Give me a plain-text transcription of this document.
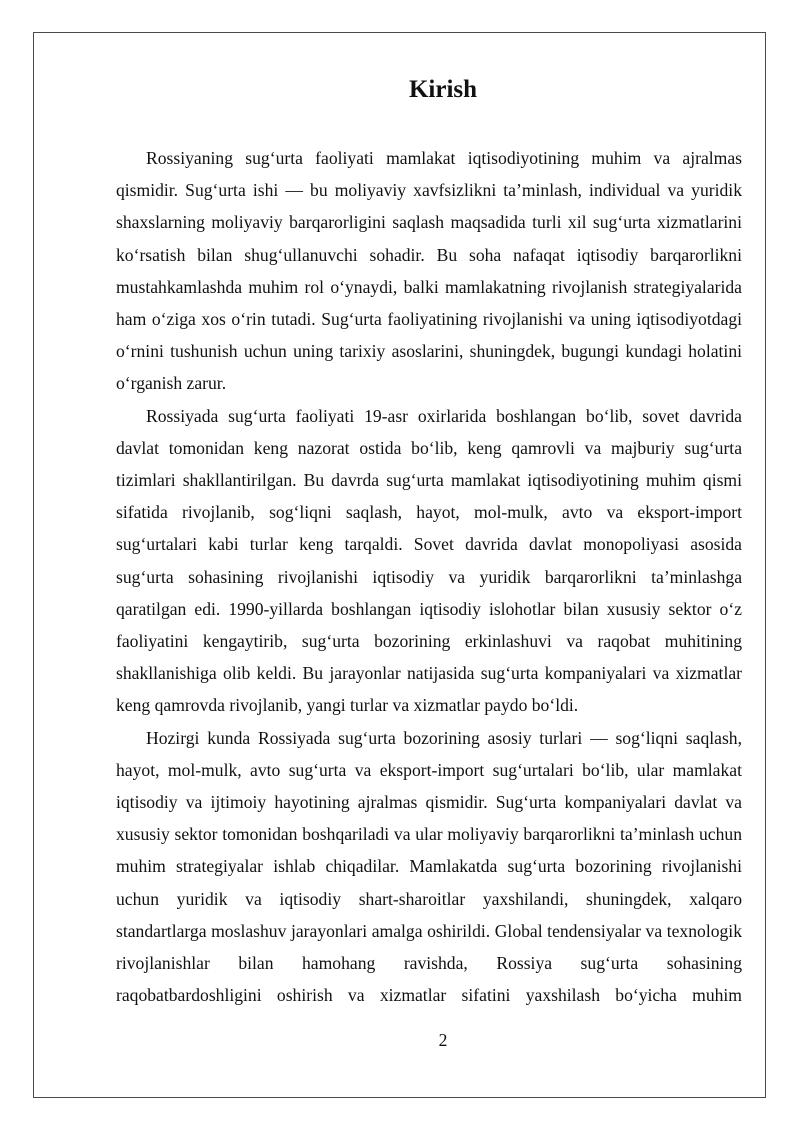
Kirish

Rossiyaning sug‘urta faoliyati mamlakat iqtisodiyotining muhim va ajralmas qismidir. Sug‘urta ishi — bu moliyaviy xavfsizlikni ta’minlash, individual va yuridik shaxslarning moliyaviy barqarorligini saqlash maqsadida turli xil sug‘urta xizmatlarini ko‘rsatish bilan shug‘ullanuvchi sohadir. Bu soha nafaqat iqtisodiy barqarorlikni mustahkamlashda muhim rol o‘ynaydi, balki mamlakatning rivojlanish strategiyalarida ham o‘ziga xos o‘rin tutadi. Sug‘urta faoliyatining rivojlanishi va uning iqtisodiyotdagi o‘rnini tushunish uchun uning tarixiy asoslarini, shuningdek, bugungi kundagi holatini o‘rganish zarur.

Rossiyada sug‘urta faoliyati 19-asr oxirlarida boshlangan bo‘lib, sovet davrida davlat tomonidan keng nazorat ostida bo‘lib, keng qamrovli va majburiy sug‘urta tizimlari shakllantirilgan. Bu davrda sug‘urta mamlakat iqtisodiyotining muhim qismi sifatida rivojlanib, sog‘liqni saqlash, hayot, mol-mulk, avto va eksport-import sug‘urtalari kabi turlar keng tarqaldi. Sovet davrida davlat monopoliyasi asosida sug‘urta sohasining rivojlanishi iqtisodiy va yuridik barqarorlikni ta’minlashga qaratilgan edi. 1990-yillarda boshlangan iqtisodiy islohotlar bilan xususiy sektor o‘z faoliyatini kengaytirib, sug‘urta bozorining erkinlashuvi va raqobat muhitining shakllanishiga olib keldi. Bu jarayonlar natijasida sug‘urta kompaniyalari va xizmatlar keng qamrovda rivojlanib, yangi turlar va xizmatlar paydo bo‘ldi.

Hozirgi kunda Rossiyada sug‘urta bozorining asosiy turlari — sog‘liqni saqlash, hayot, mol-mulk, avto sug‘urta va eksport-import sug‘urtalari bo‘lib, ular mamlakat iqtisodiy va ijtimoiy hayotining ajralmas qismidir. Sug‘urta kompaniyalari davlat va xususiy sektor tomonidan boshqariladi va ular moliyaviy barqarorlikni ta’minlash uchun muhim strategiyalar ishlab chiqadilar. Mamlakatda sug‘urta bozorining rivojlanishi uchun yuridik va iqtisodiy shart-sharoitlar yaxshilandi, shuningdek, xalqaro standartlarga moslashuv jarayonlari amalga oshirildi. Global tendensiyalar va texnologik rivojlanishlar bilan hamohang ravishda, Rossiya sug‘urta sohasining raqobatbardoshligini oshirish va xizmatlar sifatini yaxshilash bo‘yicha muhim

2
